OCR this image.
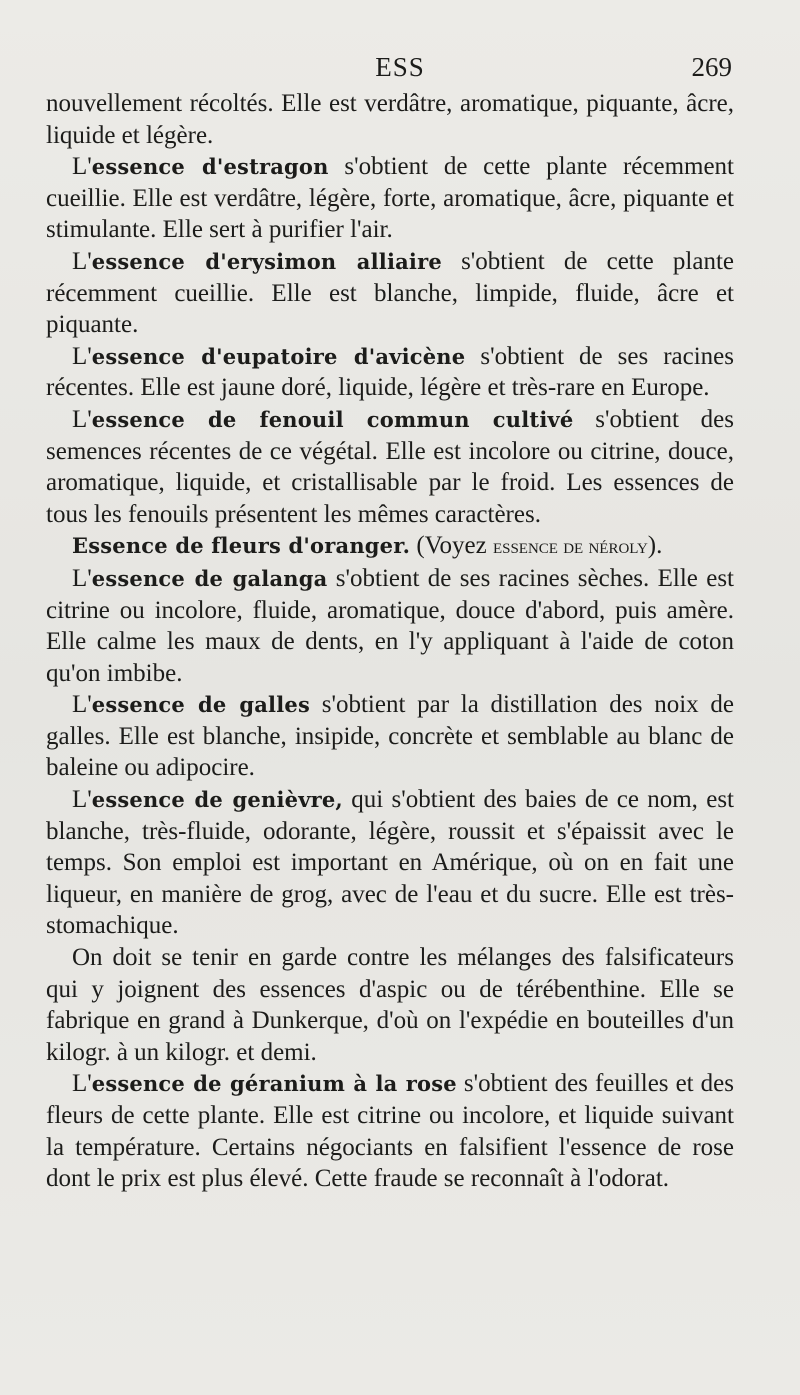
ESS	269

nouvellement récoltés. Elle est verdâtre, aromatique, piquante, âcre, liquide et légère.

L'essence d'estragon s'obtient de cette plante récemment cueillie. Elle est verdâtre, légère, forte, aromatique, âcre, piquante et stimulante. Elle sert à purifier l'air.

L'essence d'erysimon alliaire s'obtient de cette plante récemment cueillie. Elle est blanche, limpide, fluide, âcre et piquante.

L'essence d'eupatoire d'avicène s'obtient de ses racines récentes. Elle est jaune doré, liquide, légère et très-rare en Europe.

L'essence de fenouil commun cultivé s'obtient des semences récentes de ce végétal. Elle est incolore ou citrine, douce, aromatique, liquide, et cristallisable par le froid. Les essences de tous les fenouils présentent les mêmes caractères.

Essence de fleurs d'oranger. (Voyez essence de néroly).

L'essence de galanga s'obtient de ses racines sèches. Elle est citrine ou incolore, fluide, aromatique, douce d'abord, puis amère. Elle calme les maux de dents, en l'y appliquant à l'aide de coton qu'on imbibe.

L'essence de galles s'obtient par la distillation des noix de galles. Elle est blanche, insipide, concrète et semblable au blanc de baleine ou adipocire.

L'essence de genièvre, qui s'obtient des baies de ce nom, est blanche, très-fluide, odorante, légère, roussit et s'épaissit avec le temps. Son emploi est important en Amérique, où on en fait une liqueur, en manière de grog, avec de l'eau et du sucre. Elle est très-stomachique.

On doit se tenir en garde contre les mélanges des falsificateurs qui y joignent des essences d'aspic ou de térébenthine. Elle se fabrique en grand à Dunkerque, d'où on l'expédie en bouteilles d'un kilogr. à un kilogr. et demi.

L'essence de géranium à la rose s'obtient des feuilles et des fleurs de cette plante. Elle est citrine ou incolore, et liquide suivant la température. Certains négociants en falsifient l'essence de rose dont le prix est plus élevé. Cette fraude se reconnaît à l'odorat.
